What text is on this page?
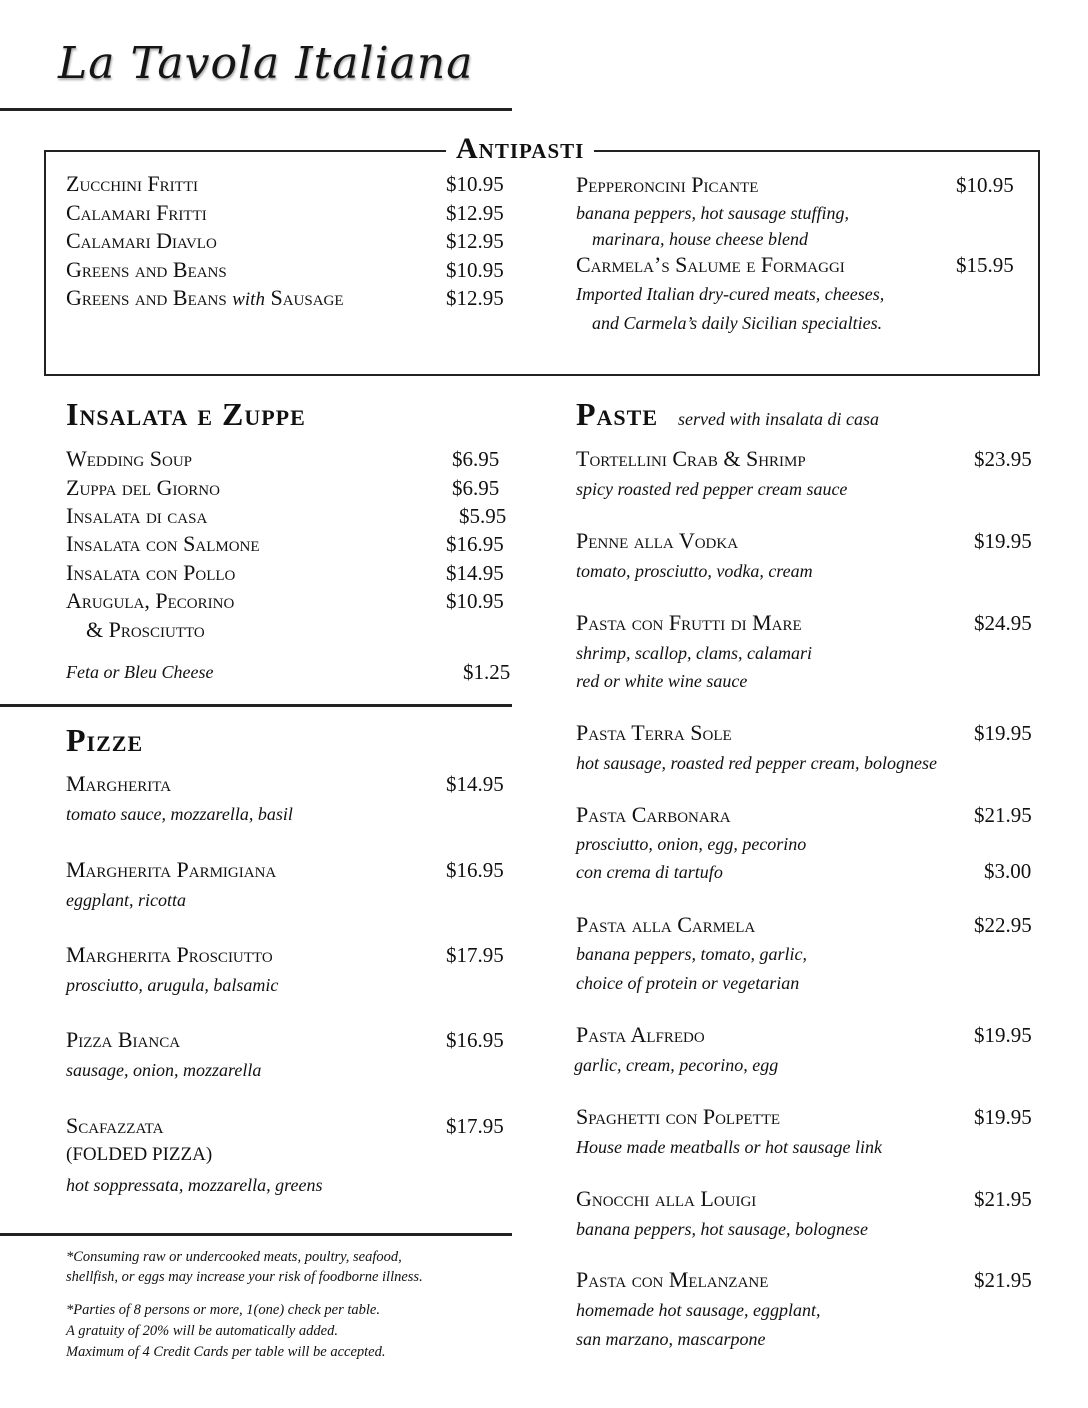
La Tavola Italiana
Antipasti
Zucchini Fritti	$10.95
Calamari Fritti	$12.95
Calamari Diavlo	$12.95
Greens and Beans	$10.95
Greens and Beans with Sausage	$12.95
Pepperoncini Picante	$10.95
banana peppers, hot sausage stuffing,
marinara, house cheese blend
Carmela’s Salume e Formaggi	$15.95
Imported Italian dry-cured meats, cheeses,
and Carmela’s daily Sicilian specialties.
Insalata e Zuppe
Wedding Soup	$6.95
Zuppa del Giorno	$6.95
Insalata di casa	$5.95
Insalata con Salmone	$16.95
Insalata con Pollo	$14.95
Arugula, Pecorino	$10.95
& Prosciutto
Feta or Bleu Cheese	$1.25
Pizze
Margherita	$14.95
tomato sauce, mozzarella, basil
Margherita Parmigiana	$16.95
eggplant, ricotta
Margherita Prosciutto	$17.95
prosciutto, arugula, balsamic
Pizza Bianca	$16.95
sausage, onion, mozzarella
Scafazzata	$17.95
(FOLDED PIZZA)
hot soppressata, mozzarella, greens
*Consuming raw or undercooked meats, poultry, seafood,
shellfish, or eggs may increase your risk of foodborne illness.
*Parties of 8 persons or more, 1(one) check per table.
A gratuity of 20% will be automatically added.
Maximum of 4 Credit Cards per table will be accepted.
Paste served with insalata di casa
Tortellini Crab & Shrimp	$23.95
spicy roasted red pepper cream sauce
Penne alla Vodka	$19.95
tomato, prosciutto, vodka, cream
Pasta con Frutti di Mare	$24.95
shrimp, scallop, clams, calamari
red or white wine sauce
Pasta Terra Sole	$19.95
hot sausage, roasted red pepper cream, bolognese
Pasta Carbonara	$21.95
prosciutto, onion, egg, pecorino
con crema di tartufo	$3.00
Pasta alla Carmela	$22.95
banana peppers, tomato, garlic,
choice of protein or vegetarian
Pasta Alfredo	$19.95
garlic, cream, pecorino, egg
Spaghetti con Polpette	$19.95
House made meatballs or hot sausage link
Gnocchi alla Louigi	$21.95
banana peppers, hot sausage, bolognese
Pasta con Melanzane	$21.95
homemade hot sausage, eggplant,
san marzano, mascarpone
